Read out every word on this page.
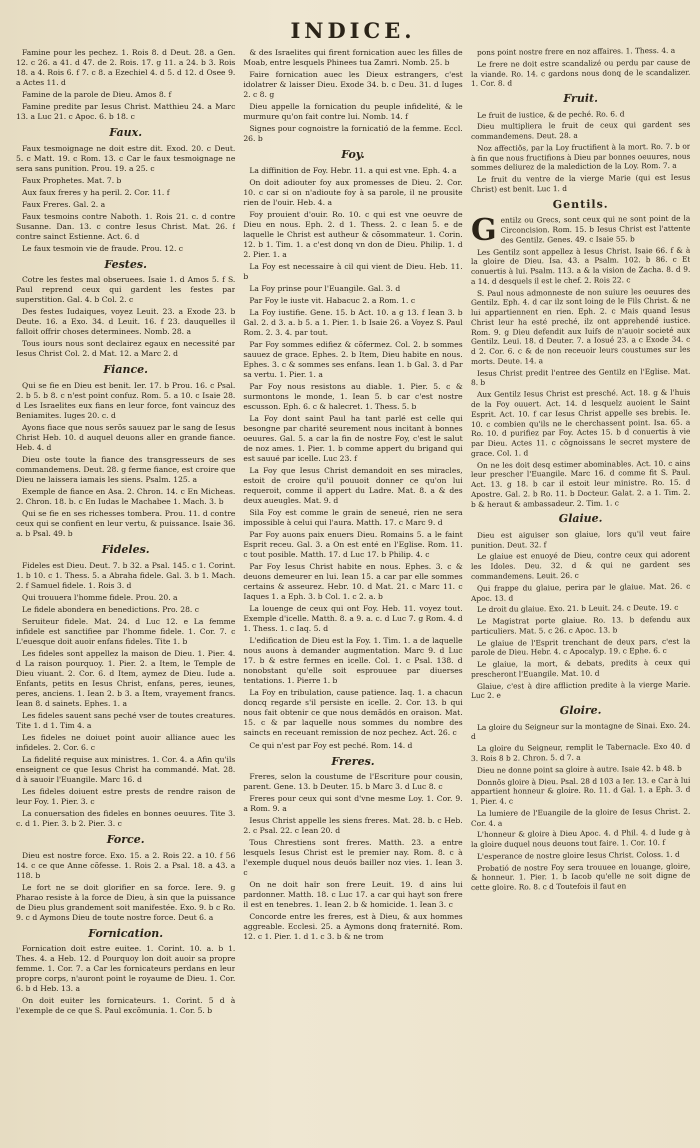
INDICE.

Famine pour les pechez. 1. Rois 8. d Deut. 28. a Gen. 12. c 26. a 41. d 47. de 2. Rois. 17. g 11. a 24. b 3. Rois 18. a 4. Rois 6. f 7. c 8. a Ezechiel 4. d 5. d 12. d Osee 9. a Actes 11. d

Famine de la parole de Dieu. Amos 8. f

Famine predite par Iesus Christ. Matthieu 24. a Marc 13. a Luc 21. c Apoc. 6. b 18. c

Faux.

Faux tesmoignage ne doit estre dit. Exod. 20. c Deut. 5. c Matt. 19. c Rom. 13. c Car le faux tesmoignage ne sera sans punition. Prou. 19. a 25. c

Faux Prophetes. Mat. 7. b

Aux faux freres y ha peril. 2. Cor. 11. f

Faux Freres. Gal. 2. a

Faux tesmoins contre Naboth. 1. Rois 21. c. d contre Susanne. Dan. 13. c contre Iesus Christ. Mat. 26. f contre sainct Estienne. Act. 6. d

Le faux tesmoin vie de fraude. Prou. 12. c

Festes.

Cotre les festes mal obseruees. Isaie 1. d Amos 5. f S. Paul reprend ceux qui gardent les festes par superstition. Gal. 4. b Col. 2. c

Des festes Iudaiques, voyez Leuit. 23. a Exode 23. b Deute. 16. a Exo. 34. d Leuit. 16. f 23. dauquelles il falloit offrir choses determinees. Nomb. 28. a

Tous iours nous sont declairez egaux en necessité par Iesus Christ Col. 2. d Mat. 12. a Marc 2. d

Fiance.

Qui se fie en Dieu est benit. Ier. 17. b Prou. 16. c Psal. 2. b 5. b 8. c n'est point confuz. Rom. 5. a 10. c Isaie 28. d Les Israelites eux fians en leur force, font vaincuz des Beniamites. Iuges 20. c. d

Ayons fiace que nous serõs sauuez par le sang de Iesus Christ Heb. 10. d auquel deuons aller en grande fiance. Heb. 4. d

Dieu oste toute la fiance des transgresseurs de ses commandemens. Deut. 28. g ferme fiance, est croire que Dieu ne laissera iamais les siens. Psalm. 125. a

Exemple de fiance en Asa. 2. Chron. 14. c En Micheas. 2. Chron. 18. b. c En Iudas le Machabee 1. Mach. 3. b

Qui se fie en ses richesses tombera. Prou. 11. d contre ceux qui se confient en leur vertu, & puissance. Isaie 36. a. b Psal. 49. b

Fideles.

Fideles est Dieu. Deut. 7. b 32. a Psal. 145. c 1. Corint. 1. b 10. c 1. Thess. 5. a Abraha fidele. Gal. 3. b 1. Mach. 2. f Samuel fidele. 1. Rois 3. d

Qui trouuera l'homme fidele. Prou. 20. a

Le fidele abondera en benedictions. Pro. 28. c

Seruiteur fidele. Mat. 24. d Luc 12. e La femme infidele est sanctifiee par l'homme fidele. 1. Cor. 7. c L'euesque doit auoir enfans fideles. Tite 1. b

Les fideles sont appellez la maison de Dieu. 1. Pier. 4. d La raison pourquoy. 1. Pier. 2. a Item, le Temple de Dieu viuant. 2. Cor. 6. d Item, aymez de Dieu. Iude a. Enfants, petits en Iesus Christ, enfans, peres, ieunes, peres, anciens. 1. Iean 2. b 3. a Item, vrayement francs. Iean 8. d sainets. Ephes. 1. a

Les fideles sauent sans peché vser de toutes creatures. Tite 1. d 1. Tim 4. a

Les fideles ne doiuet point auoir alliance auec les infideles. 2. Cor. 6. c

La fidelité requise aux ministres. 1. Cor. 4. a Afin qu'ils enseignent ce que Iesus Christ ha commandé. Mat. 28. d à sauoir l'Euangile. Marc 16. d

Les fideles doiuent estre prests de rendre raison de leur Foy. 1. Pier. 3. c

La conuersation des fideles en bonnes oeuures. Tite 3. c. d 1. Pier. 3. b 2. Pier. 3. c

Force.

Dieu est nostre force. Exo. 15. a 2. Rois 22. a 10. f 56 14. c ce que Anne cõfesse. 1. Rois 2. a Psal. 18. a 43. a 118. b

Le fort ne se doit glorifier en sa force. Iere. 9. g Pharao resiste à la force de Dieu, à sin que la puissance de Dieu plus grandement soit manifestée. Exo. 9. b c Ro. 9. c d Aymons Dieu de toute nostre force. Deut 6. a

Fornication.

Fornication doit estre euitee. 1. Corint. 10. a. b 1. Thes. 4. a Heb. 12. d Pourquoy lon doit auoir sa propre femme. 1. Cor. 7. a Car les fornicateurs perdans en leur propre corps, n'auront point le royaume de Dieu. 1. Cor. 6. b d Heb. 13. a

On doit euiter les fornicateurs. 1. Corint. 5 d à l'exemple de ce que S. Paul excõmunia. 1. Cor. 5. b

& des Israelites qui firent fornication auec les filles de Moab, entre lesquels Phinees tua Zamri. Nomb. 25. b

Faire fornication auec les Dieux estrangers, c'est idolatrer & laisser Dieu. Exode 34. b. c Deu. 31. d Iuges 2. c 8. g

Dieu appelle la fornication du peuple infidelité, & le murmure qu'on fait contre lui. Nomb. 14. f

Signes pour cognoistre la fornicatió de la femme. Eccl. 26. b

Foy.

La diffinition de Foy. Hebr. 11. a qui est vne. Eph. 4. a

On doit adiouter foy aux promesses de Dieu. 2. Cor. 10. c car si on n'adioute foy à sa parole, il ne prousite rien de l'ouir. Heb. 4. a

Foy prouient d'ouir. Ro. 10. c qui est vne oeuvre de Dieu en nous. Eph. 2. d 1. Thess. 2. c Iean 5. e de laquelle le Christ est autheur & cõsommateur. 1. Corin. 12. b 1. Tim. 1. a c'est donq vn don de Dieu. Philip. 1. d 2. Pier. 1. a

La Foy est necessaire à cil qui vient de Dieu. Heb. 11. b

La Foy prinse pour l'Euangile. Gal. 3. d

Par Foy le iuste vit. Habacuc 2. a Rom. 1. c

La Foy iustifie. Gene. 15. b Act. 10. a g 13. f Iean 3. b Gal. 2. d 3. a. b 5. a 1. Pier. 1. b Isaie 26. a Voyez S. Paul Rom. 2. 3. 4. par tout.

Par Foy sommes edifiez & cõfermez. Col. 2. b sommes sauuez de grace. Ephes. 2. b Item, Dieu habite en nous. Ephes. 3. c & sommes ses enfans. Iean 1. b Gal. 3. d Par sa vertu. 1. Pier. 1. a

Par Foy nous resistons au diable. 1. Pier. 5. c & surmontons le monde, 1. Iean 5. b car c'est nostre escusson. Eph. 6. c & halecret. 1. Thess. 5. b

La Foy dont saint Paul ha tant parlé est celle qui besongne par charité seurement nous incitant à bonnes oeuures. Gal. 5. a car la fin de nostre Foy, c'est le salut de noz ames. 1. Pier. 1. b comme appert du brigand qui est sauué par icelle. Luc 23. f

La Foy que Iesus Christ demandoit en ses miracles, estoit de croire qu'il pouuoit donner ce qu'on lui requeroit, comme il appert du Ladre. Mat. 8. a & des deux aueugles. Mat. 9. d

Sila Foy est comme le grain de seneué, rien ne sera impossible à celui qui l'aura. Matth. 17. c Marc 9. d

Par Foy auons paix enuers Dieu. Romains 5. a le faint Esprit receu. Gal. 3. a On est enté en l'Eglise. Rom. 11. c tout posible. Matth. 17. d Luc 17. b Philip. 4. c

Par Foy Iesus Christ habite en nous. Ephes. 3. c & deuons demeurer en lui. Iean 15. a car par elle sommes certains & asseurez. Hebr. 10. d Mat. 21. c Marc 11. c Iaques 1. a Eph. 3. b Col. 1. c 2. a. b

La louenge de ceux qui ont Foy. Heb. 11. voyez tout. Exemple d'icelle. Matth. 8. a 9. a. c. d Luc 7. g Rom. 4. d 1. Thess. 1. c Iaq. 5. d

L'edification de Dieu est la Foy. 1. Tim. 1. a de laquelle nous auons à demander augmentation. Marc 9. d Luc 17. b & estre fermes en icelle. Col. 1. c Psal. 138. d nonobstant qu'elle soit esprouuee par diuerses tentations. 1. Pierre 1. b

La Foy en tribulation, cause patience. Iaq. 1. a chacun doncq regarde s'il persiste en icelle. 2. Cor. 13. b qui nous fait obtenir ce que nous demãdós en oraison. Mat. 15. c & par laquelle nous sommes du nombre des saincts en receuant remission de noz pechez. Act. 26. c

Ce qui n'est par Foy est peché. Rom. 14. d

Freres.

Freres, selon la coustume de l'Escriture pour cousin, parent. Gene. 13. b Deuter. 15. b Marc 3. d Luc 8. c

Freres pour ceux qui sont d'vne mesme Loy. 1. Cor. 9. a Rom. 9. a

Iesus Christ appelle les siens freres. Mat. 28. b. c Heb. 2. c Psal. 22. c Iean 20. d

Tous Chrestiens sont freres. Matth. 23. a entre lesquels Iesus Christ est le premier nay. Rom. 8. c à l'exemple duquel nous deuós bailler noz vies. 1. Iean 3. c

On ne doit haïr son frere Leuit. 19. d ains lui pardonner. Matth. 18. c Luc 17. a car qui hayt son frere il est en tenebres. 1. Iean 2. b & homicide. 1. Iean 3. c

Concorde entre les freres, est à Dieu, & aux hommes aggreable. Ecclesi. 25. a Aymons donq fraternité. Rom. 12. c 1. Pier. 1. d 1. c 3. b & ne trom

pons point nostre frere en noz affaires. 1. Thess. 4. a

Le frere ne doit estre scandalizé ou perdu par cause de la viande. Ro. 14. c gardons nous donq de le scandalizer. 1. Cor. 8. d

Fruit.

Le fruit de iustice, & de peché. Ro. 6. d

Dieu multipliera le fruit de ceux qui gardent ses commandemens. Deut. 28. a

Noz affectiõs, par la Loy fructifient à la mort. Ro. 7. b or à fin que nous fructifions à Dieu par bonnes oeuures, nous sommes deliurez de la malediction de la Loy. Rom. 7. a

Le fruit du ventre de la vierge Marie (qui est Iesus Christ) est benit. Luc 1. d

Gentils.

Gentilz ou Grecs, sont ceux qui ne sont point de la Circoncision. Rom. 15. b Iesus Christ est l'attente des Gentilz. Genes. 49. c Isaie 55. b

Les Gentilz sont appellez à Iesus Christ. Isaie 66. f & à la gloire de Dieu. Isa. 43. a Psalm. 102. b 86. c Et conuertis à lui. Psalm. 113. a & la vision de Zacha. 8. d 9. a 14. d desquels il est le chef. 2. Rois 22. c

S. Paul nous admonneste de non suiure les oeuures des Gentilz. Eph. 4. d car ilz sont loing de le Fils Christ. & ne lui appartiennent en rien. Eph. 2. c Mais quand Iesus Christ leur ha esté preché, ilz ont apprehendé iustice. Rom. 9. g Dieu defendit aux Iuifs de n'auoir societé aux Gentilz. Leui. 18. d Deuter. 7. a Iosué 23. a c Exode 34. c d 2. Cor. 6. c & de non receuoir leurs coustumes sur les morts. Deute. 14. a

Iesus Christ predit l'entree des Gentilz en l'Eglise. Mat. 8. b

Aux Gentilz Iesus Christ est presché. Act. 18. g & l'huis de la Foy ouuert. Act. 14. d lesquelz auoient le Saint Esprit. Act. 10. f car Iesus Christ appelle ses brebis. Ie. 10. c combien qu'ils ne le cherchassent point. Isa. 65. a Ro. 10. d purifiez par Foy. Actes 15. b d conuertis à vie par Dieu. Actes 11. c cõgnoissans le secret mystere de grace. Col. 1. d

On ne les doit desq estimer abominables. Act. 10. c ains leur prescher l'Euangile. Marc 16. d comme fit S. Paul. Act. 13. g 18. b car il estoit leur ministre. Ro. 15. d Apostre. Gal. 2. b Ro. 11. b Docteur. Galat. 2. a 1. Tim. 2. b & heraut & ambassadeur. 2. Tim. 1. c

Glaiue.

Dieu est aiguiser son glaiue, lors qu'il veut faire punition. Deut. 32. f

Le glaiue est enuoyé de Dieu, contre ceux qui adorent les Idoles. Deu. 32. d & qui ne gardent ses commandemens. Leuit. 26. c

Qui frappe du glaiue, perira par le glaiue. Mat. 26. c Apoc. 13. d

Le droit du glaiue. Exo. 21. b Leuit. 24. c Deute. 19. c

Le Magistrat porte glaiue. Ro. 13. b defendu aux particuliers. Mat. 5. c 26. c Apoc. 13. b

Le glaiue de l'Esprit trenchant de deux pars, c'est la parole de Dieu. Hebr. 4. c Apocalyp. 19. c Ephe. 6. c

Le glaiue, la mort, & debats, predits à ceux qui prescheront l'Euangile. Mat. 10. d

Glaiue, c'est à dire affliction predite à la vierge Marie. Luc 2. e

Gloire.

La gloire du Seigneur sur la montagne de Sinai. Exo. 24. d

La gloire du Seigneur, remplit le Tabernacle. Exo 40. d 3. Rois 8 b 2. Chron. 5. d 7. a

Dieu ne donne point sa gloire à autre. Isaie 42. b 48. b

Donnõs gloire à Dieu. Psal. 28 d 103 a Ier. 13. e Car à lui appartient honneur & gloire. Ro. 11. d Gal. 1. a Eph. 3. d 1. Pier. 4. c

La lumiere de l'Euangile de la gloire de Iesus Christ. 2. Cor. 4. a

L'honneur & gloire à Dieu Apoc. 4. d Phil. 4. d Iude g à la gloire duquel nous deuons tout faire. 1. Cor. 10. f

L'esperance de nostre gloire Iesus Christ. Coloss. 1. d

Probatió de nostre Foy sera trouuee en louange, gloire, & honneur. 1. Pier. 1. b Iacob qu'elle ne soit digne de cette gloire. Ro. 8. c d Toutefois il faut en
